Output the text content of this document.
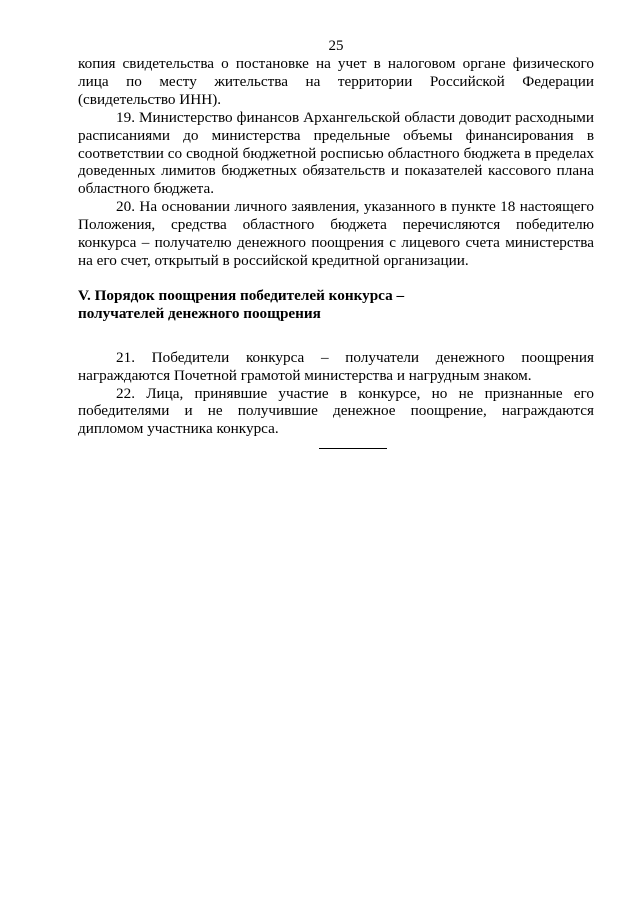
25

копия свидетельства о постановке на учет в налоговом органе физического лица по месту жительства на территории Российской Федерации (свидетельство ИНН).

19. Министерство финансов Архангельской области доводит расходными расписаниями до министерства предельные объемы финансирования в соответствии со сводной бюджетной росписью областного бюджета в пределах доведенных лимитов бюджетных обязательств и показателей кассового плана областного бюджета.

20. На основании личного заявления, указанного в пункте 18 настоящего Положения, средства областного бюджета перечисляются победителю конкурса – получателю денежного поощрения с лицевого счета министерства на его счет, открытый в российской кредитной организации.

V. Порядок поощрения победителей конкурса –

получателей денежного поощрения

21. Победители конкурса – получатели денежного поощрения награждаются Почетной грамотой министерства и нагрудным знаком.

22. Лица, принявшие участие в конкурсе, но не признанные его победителями и не получившие денежное поощрение, награждаются дипломом участника конкурса.
